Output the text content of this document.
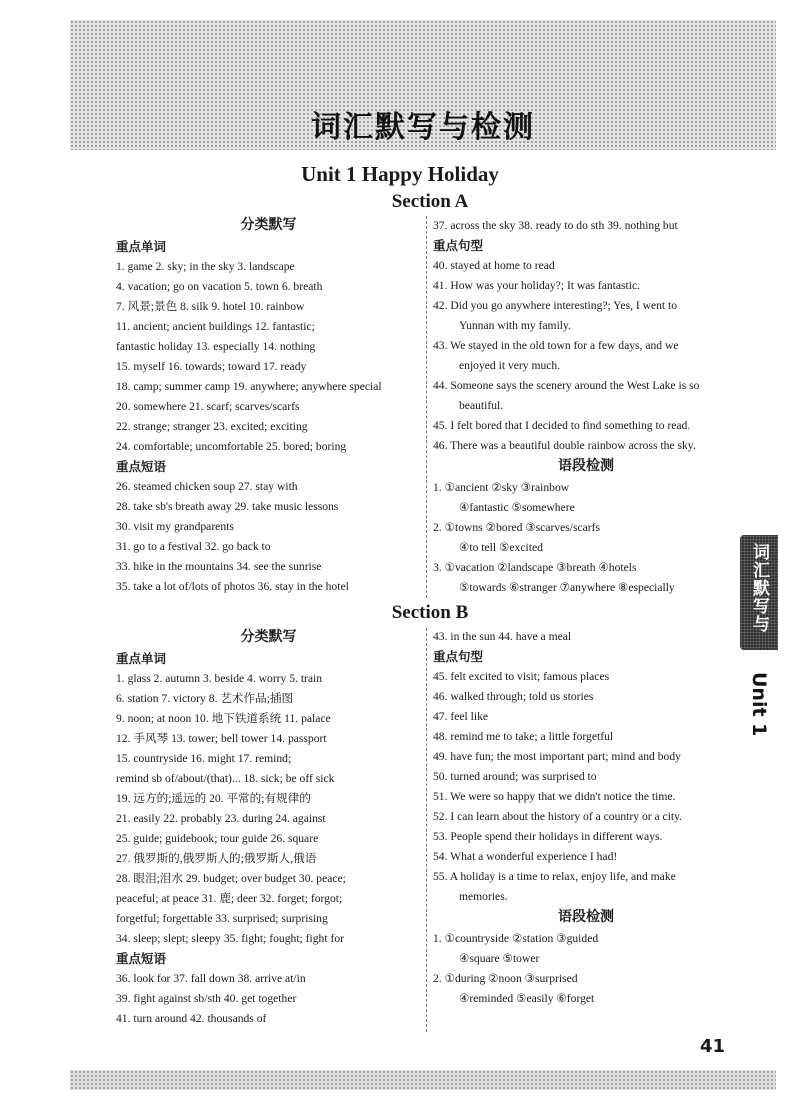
词汇默写与检测
Unit 1 Happy Holiday
Section A
分类默写
重点单词
1. game 2. sky; in the sky 3. landscape
4. vacation; go on vacation 5. town 6. breath
7. 风景;景色 8. silk 9. hotel 10. rainbow
11. ancient; ancient buildings 12. fantastic;
fantastic holiday 13. especially 14. nothing
15. myself 16. towards; toward 17. ready
18. camp; summer camp 19. anywhere; anywhere special
20. somewhere 21. scarf; scarves/scarfs
22. strange; stranger 23. excited; exciting
24. comfortable; uncomfortable 25. bored; boring
重点短语
26. steamed chicken soup 27. stay with
28. take sb's breath away 29. take music lessons
30. visit my grandparents
31. go to a festival 32. go back to
33. hike in the mountains 34. see the sunrise
35. take a lot of/lots of photos 36. stay in the hotel
37. across the sky 38. ready to do sth 39. nothing but
重点句型
40. stayed at home to read
41. How was your holiday?; It was fantastic.
42. Did you go anywhere interesting?; Yes, I went to
Yunnan with my family.
43. We stayed in the old town for a few days, and we
enjoyed it very much.
44. Someone says the scenery around the West Lake is so
beautiful.
45. I felt bored that I decided to find something to read.
46. There was a beautiful double rainbow across the sky.
语段检测
1. ①ancient ②sky ③rainbow
④fantastic ⑤somewhere
2. ①towns ②bored ③scarves/scarfs
④to tell ⑤excited
3. ①vacation ②landscape ③breath ④hotels
⑤towards ⑥stranger ⑦anywhere ⑧especially
Section B
分类默写
重点单词
1. glass 2. autumn 3. beside 4. worry 5. train
6. station 7. victory 8. 艺术作品;插图
9. noon; at noon 10. 地下铁道系统 11. palace
12. 手风琴 13. tower; bell tower 14. passport
15. countryside 16. might 17. remind;
remind sb of/about/(that)... 18. sick; be off sick
19. 远方的;遥远的 20. 平常的;有规律的
21. easily 22. probably 23. during 24. against
25. guide; guidebook; tour guide 26. square
27. 俄罗斯的,俄罗斯人的;俄罗斯人,俄语
28. 眼泪;泪水 29. budget; over budget 30. peace;
peaceful; at peace 31. 鹿; deer 32. forget; forgot;
forgetful; forgettable 33. surprised; surprising
34. sleep; slept; sleepy 35. fight; fought; fight for
重点短语
36. look for 37. fall down 38. arrive at/in
39. fight against sb/sth 40. get together
41. turn around 42. thousands of
43. in the sun 44. have a meal
重点句型
45. felt excited to visit; famous places
46. walked through; told us stories
47. feel like
48. remind me to take; a little forgetful
49. have fun; the most important part; mind and body
50. turned around; was surprised to
51. We were so happy that we didn't notice the time.
52. I can learn about the history of a country or a city.
53. People spend their holidays in different ways.
54. What a wonderful experience I had!
55. A holiday is a time to relax, enjoy life, and make
memories.
语段检测
1. ①countryside ②station ③guided
④square ⑤tower
2. ①during ②noon ③surprised
④reminded ⑤easily ⑥forget
词汇默写与检测
Unit 1
41
